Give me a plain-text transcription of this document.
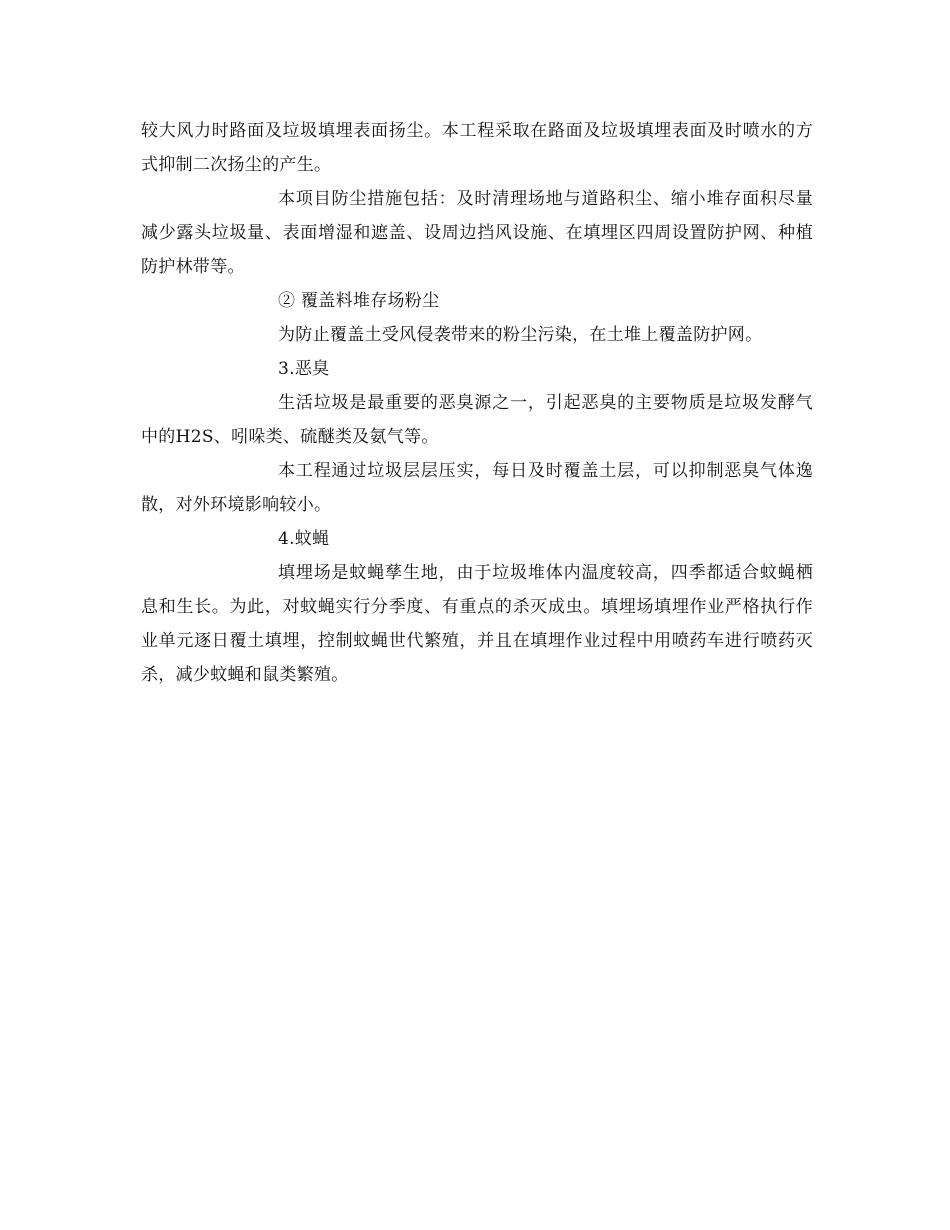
较大风力时路面及垃圾填埋表面扬尘。本工程采取在路面及垃圾填埋表面及时喷水的方式抑制二次扬尘的产生。

本项目防尘措施包括：及时清理场地与道路积尘、缩小堆存面积尽量减少露头垃圾量、表面增湿和遮盖、设周边挡风设施、在填埋区四周设置防护网、种植防护林带等。

② 覆盖料堆存场粉尘

为防止覆盖土受风侵袭带来的粉尘污染，在土堆上覆盖防护网。

3.恶臭

生活垃圾是最重要的恶臭源之一，引起恶臭的主要物质是垃圾发酵气中的H2S、吲哚类、硫醚类及氨气等。

本工程通过垃圾层层压实，每日及时覆盖土层，可以抑制恶臭气体逸散，对外环境影响较小。

4.蚊蝇

填埋场是蚊蝇孳生地，由于垃圾堆体内温度较高，四季都适合蚊蝇栖息和生长。为此，对蚊蝇实行分季度、有重点的杀灭成虫。填埋场填埋作业严格执行作业单元逐日覆土填埋，控制蚊蝇世代繁殖，并且在填埋作业过程中用喷药车进行喷药灭杀，减少蚊蝇和鼠类繁殖。
